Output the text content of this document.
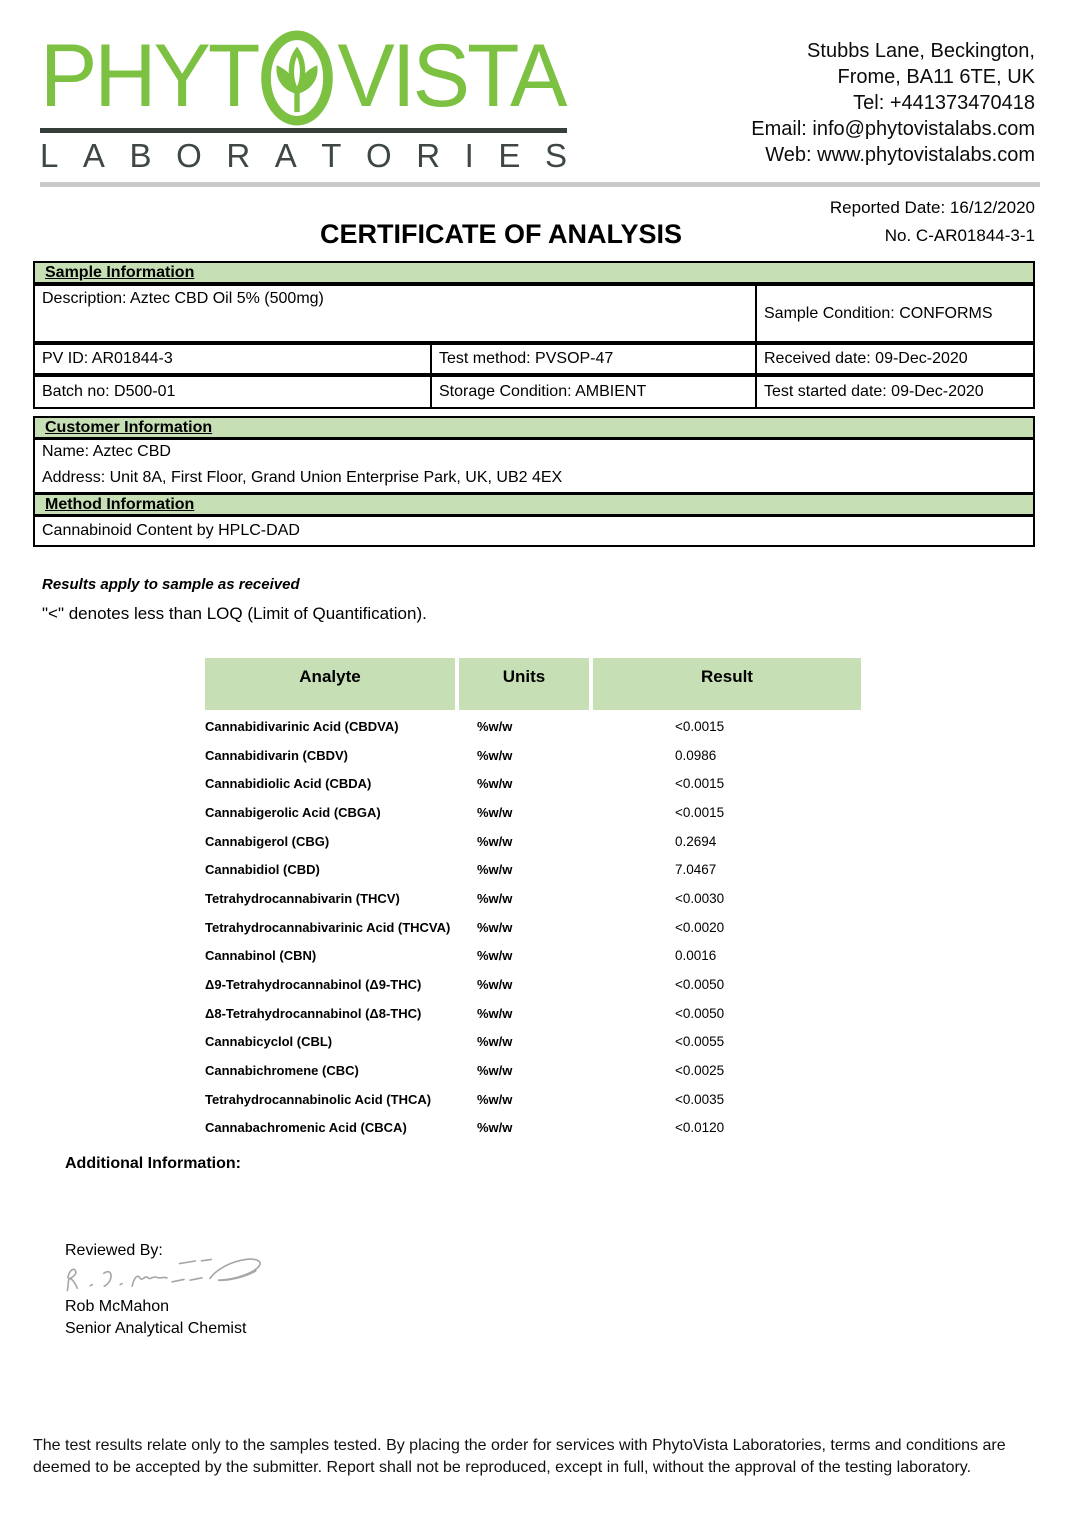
PHYT VISTA
L A B O R A T O R I E S
Stubbs Lane, Beckington,
Frome, BA11 6TE, UK
Tel: +441373470418
Email: info@phytovistalabs.com
Web: www.phytovistalabs.com
Reported Date: 16/12/2020
CERTIFICATE OF ANALYSIS	No. C-AR01844-3-1
Sample Information
Description: Aztec CBD Oil 5% (500mg)
Sample Condition: CONFORMS
PV ID: AR01844-3	Test method: PVSOP-47	Received date: 09-Dec-2020
Batch no: D500-01	Storage Condition: AMBIENT	Test started date: 09-Dec-2020
Customer Information
Name: Aztec CBD
Address: Unit 8A, First Floor, Grand Union Enterprise Park, UK, UB2 4EX
Method Information
Cannabinoid Content by HPLC-DAD
Results apply to sample as received
"<" denotes less than LOQ (Limit of Quantification).
Analyte	Units	Result
Cannabidivarinic Acid (CBDVA)	%w/w	<0.0015
Cannabidivarin (CBDV)	%w/w	0.0986
Cannabidiolic Acid (CBDA)	%w/w	<0.0015
Cannabigerolic Acid (CBGA)	%w/w	<0.0015
Cannabigerol (CBG)	%w/w	0.2694
Cannabidiol (CBD)	%w/w	7.0467
Tetrahydrocannabivarin (THCV)	%w/w	<0.0030
Tetrahydrocannabivarinic Acid (THCVA)	%w/w	<0.0020
Cannabinol (CBN)	%w/w	0.0016
Δ9-Tetrahydrocannabinol (Δ9-THC)	%w/w	<0.0050
Δ8-Tetrahydrocannabinol (Δ8-THC)	%w/w	<0.0050
Cannabicyclol (CBL)	%w/w	<0.0055
Cannabichromene (CBC)	%w/w	<0.0025
Tetrahydrocannabinolic Acid (THCA)	%w/w	<0.0035
Cannabachromenic Acid (CBCA)	%w/w	<0.0120
Additional Information:
Reviewed By:
Rob McMahon
Senior Analytical Chemist
The test results relate only to the samples tested. By placing the order for services with PhytoVista Laboratories, terms and conditions are
deemed to be accepted by the submitter. Report shall not be reproduced, except in full, without the approval of the testing laboratory.
